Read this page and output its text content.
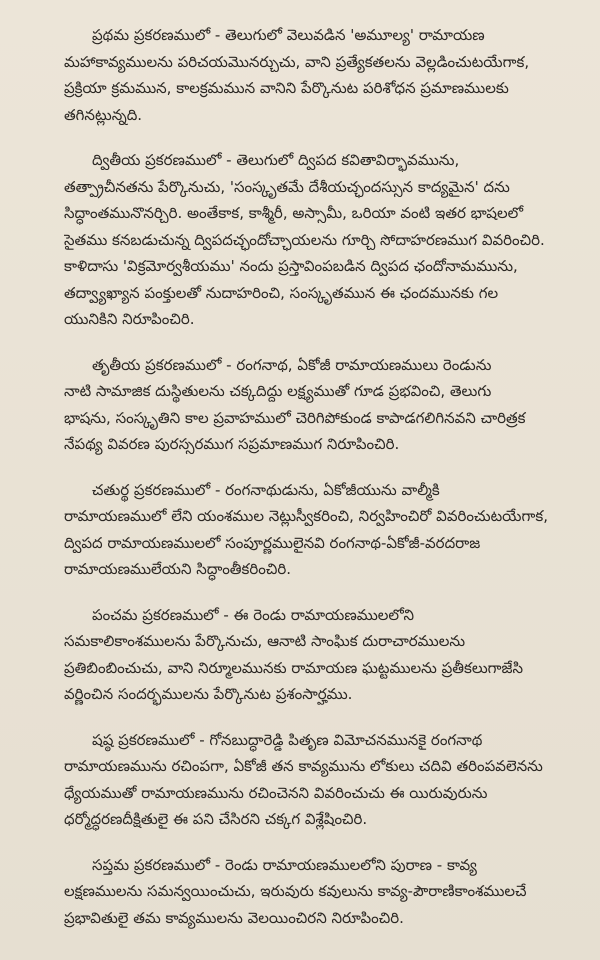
ప్రథమ ప్రకరణములో - తెలుగులో వెలువడిన 'అమూల్య' రామాయణ
మహాకావ్యములను పరిచయమొనర్చుచు, వాని ప్రత్యేకతలను వెల్లడించుటయేగాక,
ప్రక్రియా క్రమమున, కాలక్రమమున వానిని పేర్కొనుట పరిశోధన ప్రమాణములకు
తగినట్లున్నది.
ద్వితీయ ప్రకరణములో - తెలుగులో ద్విపద కవితావిర్భావమును,
తత్ప్రాచీనతను పేర్కొనుచు, 'సంస్కృతమే దేశీయచ్ఛందస్సున కాద్యమైన' దను
సిద్ధాంతమునొనర్చిరి. అంతేకాక, కాశ్మీరీ, అస్సామీ, ఒరియా వంటి ఇతర భాషలలో
సైతము కనబడుచున్న ద్విపదచ్ఛందోచ్ఛాయలను గూర్చి సోదాహరణముగ వివరించిరి.
కాళిదాసు 'విక్రమోర్వశీయము' నందు ప్రస్తావింపబడిన ద్విపద ఛందోనామమును,
తద్వ్యాఖ్యాన పంక్తులతో నుదాహరించి, సంస్కృతమున ఈ ఛందమునకు గల
యునికిని నిరూపించిరి.
తృతీయ ప్రకరణములో - రంగనాథ, ఏకోజీ రామాయణములు రెండును
నాటి సామాజిక దుస్థితులను చక్కదిద్దు లక్ష్యముతో గూడ ప్రభవించి, తెలుగు
భాషను, సంస్కృతిని కాల ప్రవాహములో చెరిగిపోకుండ కాపాడగలిగినవని చారిత్రక
నేపథ్య వివరణ పురస్సరముగ సప్రమాణముగ నిరూపించిరి.
చతుర్థ ప్రకరణములో - రంగనాథుడును, ఏకోజీయును వాల్మీకి
రామాయణములో లేని యంశముల నెట్లుస్వీకరించి, నిర్వహించిరో వివరించుటయేగాక,
ద్విపద రామాయణములలో సంపూర్ణములైనవి రంగనాథ-ఏకోజీ-వరదరాజ
రామాయణములేయని సిద్ధాంతీకరించిరి.
పంచమ ప్రకరణములో - ఈ రెండు రామాయణములలోని
సమకాలికాంశములను పేర్కొనుచు, ఆనాటి సాంఘిక దురాచారములను
ప్రతిబింబించుచు, వాని నిర్మూలమునకు రామాయణ ఘట్టములను ప్రతీకలుగాజేసి
వర్ణించిన సందర్భములను పేర్కొనుట ప్రశంసార్హము.
షష్ఠ ప్రకరణములో - గోనబుద్ధారెడ్డి పితృణ విమోచనమునకై రంగనాథ
రామాయణమును రచింపగా, ఏకోజీ తన కావ్యమును లోకులు చదివి తరింపవలెనను
ధ్యేయముతో రామాయణమును రచించెనని వివరించుచు ఈ యిరువురును
ధర్మోద్ధరణదీక్షితులై ఈ పని చేసిరని చక్కగ విశ్లేషించిరి.
సప్తమ ప్రకరణములో - రెండు రామాయణములలోని పురాణ - కావ్య
లక్షణములను సమన్వయించుచు, ఇరువురు కవులును కావ్య-పౌరాణికాంశములచే
ప్రభావితులై తమ కావ్యములను వెలయించిరని నిరూపించిరి.
